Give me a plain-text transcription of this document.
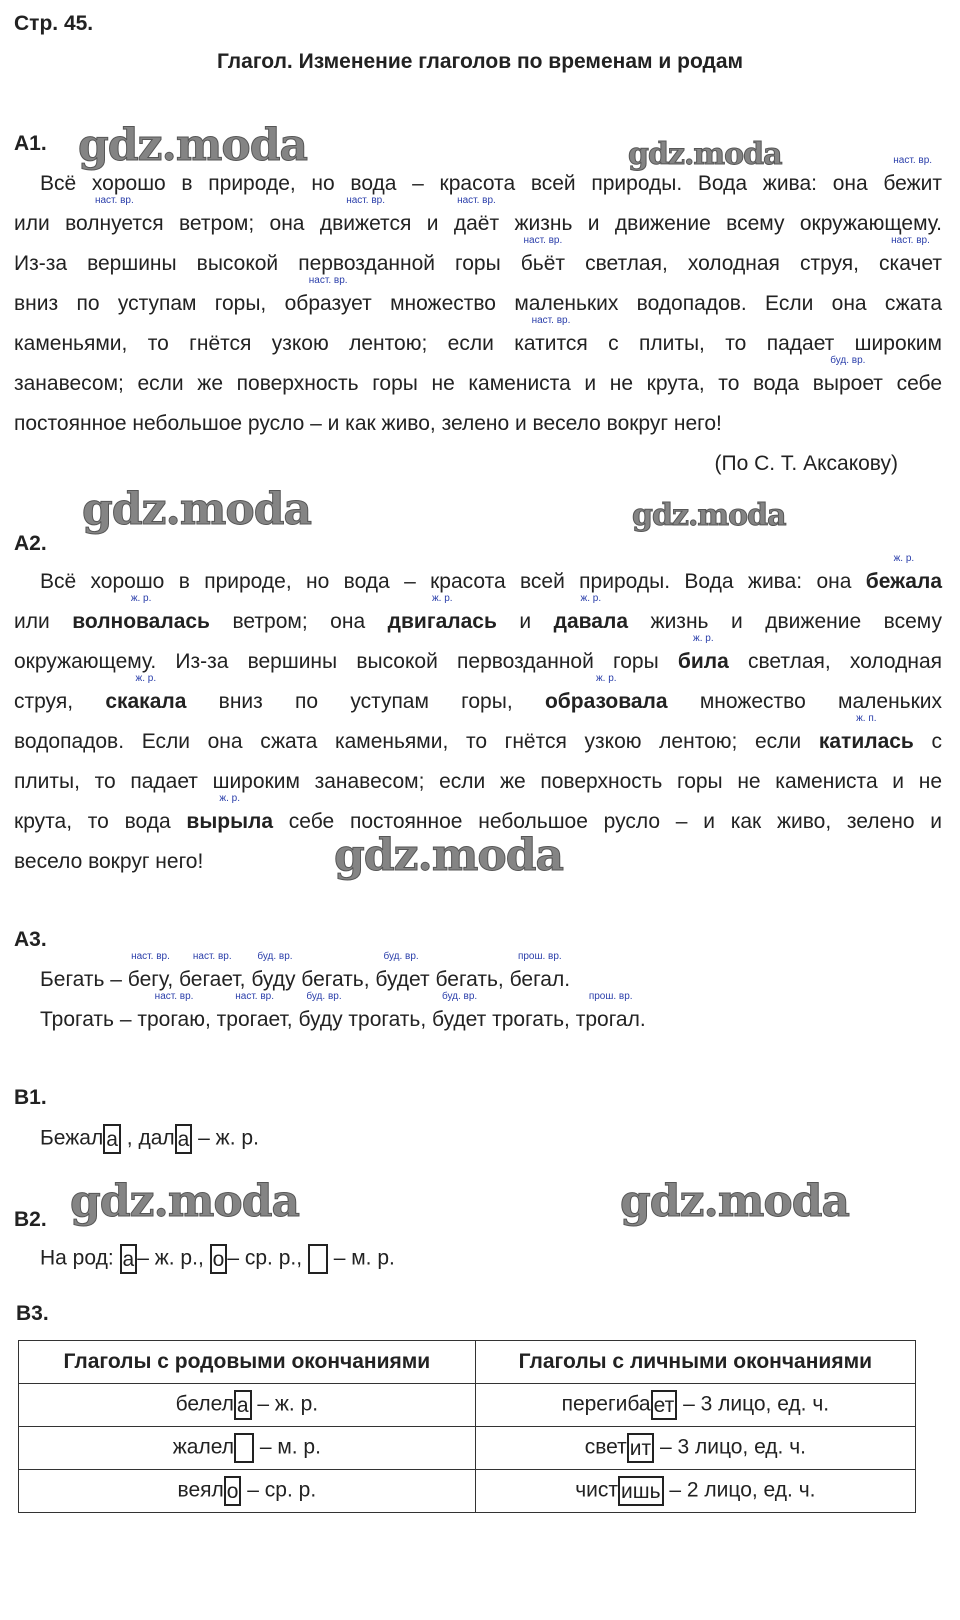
Стр. 45.
Глагол. Изменение глаголов по временам и родам
gdz.moda	gdz.moda
gdz.moda	gdz.moda
gdz.moda
gdz.moda	gdz.moda
А1.
Всё хорошо в природе, но вода – красота всей природы. Вода жива: она
наст. вр.
бежит
или
наст. вр.
волнуется ветром; она
наст. вр.
движется и
наст. вр.
даёт жизнь и движение всему окружающему.
Из-за вершины высокой первозданной горы
наст. вр.
бьёт светлая, холодная струя,
наст. вр.
скачет
вниз по уступам горы,
наст. вр.
образует множество маленьких водопадов. Если она сжата
каменьями, то гнётся узкою лентою; если
наст. вр.
катится с плиты, то падает широким
занавесом; если же поверхность горы не камениста и не крута, то вода
буд. вр.
выроет себе
постоянное небольшое русло – и как живо, зелено и весело вокруг него!
(По С. Т. Аксакову)
А2.
Всё хорошо в природе, но вода – красота всей природы. Вода жива: она
ж. р.
бежала
или
ж. р.
волновалась ветром; она
ж. р.
двигалась и
ж. р.
давала жизнь и движение всему
окружающему. Из-за вершины высокой первозданной горы
ж. р.
била светлая, холодная
струя,
ж. р.
скакала вниз по уступам горы,
ж. р.
образовала множество маленьких
водопадов. Если она сжата каменьями, то гнётся узкою лентою; если
ж. п.
катилась с
плиты, то падает широким занавесом; если же поверхность горы не камениста и не
крута, то вода
ж. р.
вырыла себе постоянное небольшое русло – и как живо, зелено и
весело вокруг него!
А3.
Бегать –
наст. вр.
бегу,
наст. вр.
бегает,
буд. вр.
буду бегать,
буд. вр.
будет бегать,
прош. вр.
бегал.
Трогать –
наст. вр.
трогаю,
наст. вр.
трогает,
буд. вр.
буду трогать,
буд. вр.
будет трогать,
прош. вр.
трогал.
В1.
Бежал а , дал а – ж. р.
В2.
На род: а – ж. р., о – ср. р., – м. р.
В3.
Глаголы с родовыми окончаниями	Глаголы с личными окончаниями
белел а – ж. р.	перегиба ет – 3 лицо, ед. ч.
жалел – м. р.	свет ит – 3 лицо, ед. ч.
веял о – ср. р.	чист ишь – 2 лицо, ед. ч.
